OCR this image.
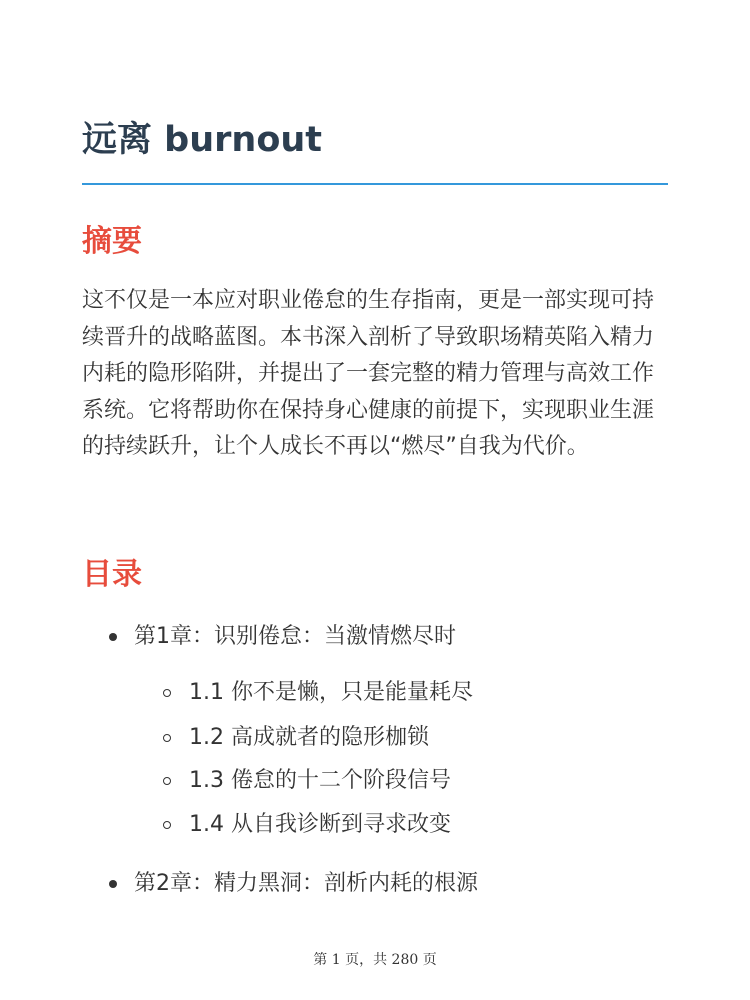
远离 burnout
摘要

这不仅是一本应对职业倦怠的生存指南，更是一部实现可持续晋升的战略蓝图。本书深入剖析了导致职场精英陷入精力内耗的隐形陷阱，并提出了一套完整的精力管理与高效工作系统。它将帮助你在保持身心健康的前提下，实现职业生涯的持续跃升，让个人成长不再以“燃尽”自我为代价。

目录
第1章：识别倦怠：当激情燃尽时
1.1 你不是懒，只是能量耗尽
1.2 高成就者的隐形枷锁
1.3 倦怠的十二个阶段信号
1.4 从自我诊断到寻求改变
第2章：精力黑洞：剖析内耗的根源
第 1 页，共 280 页
